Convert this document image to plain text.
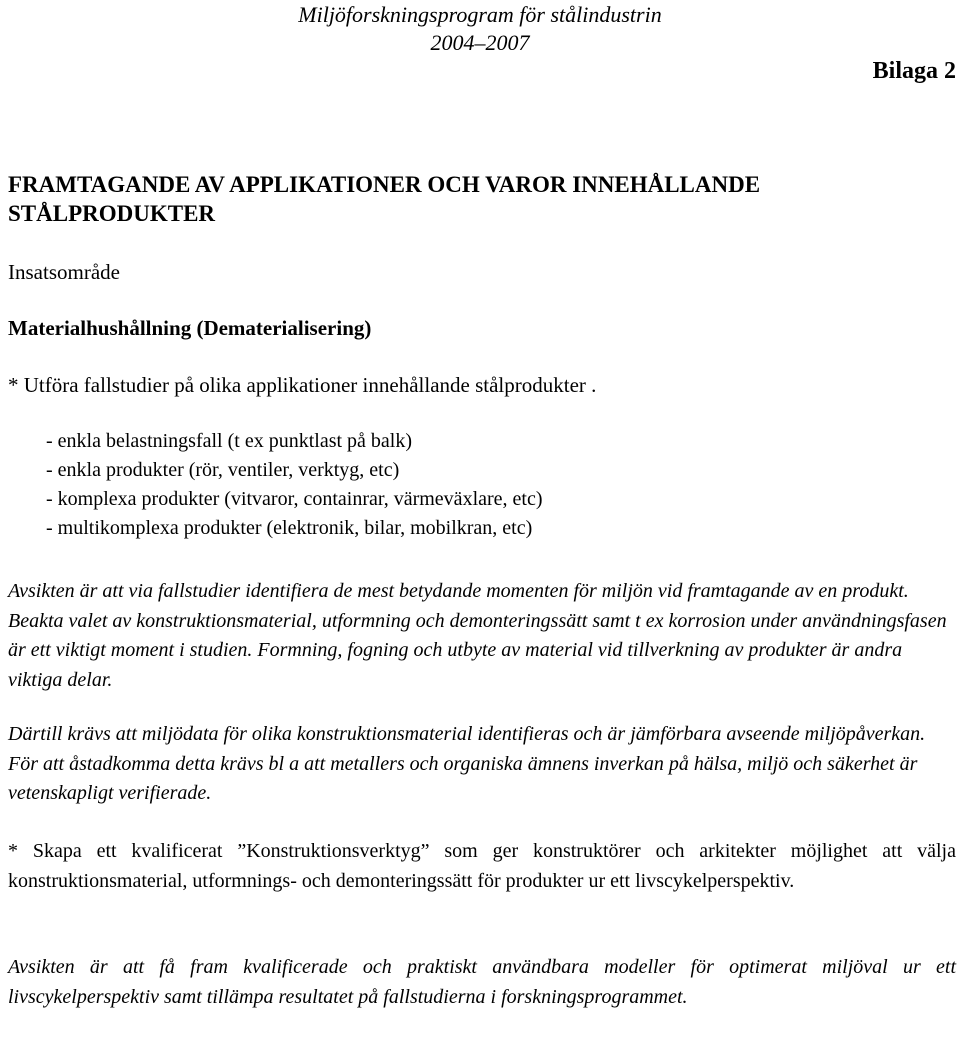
Miljöforskningsprogram för stålindustrin

2004–2007

Bilaga 2

FRAMTAGANDE AV APPLIKATIONER OCH VAROR INNEHÅLLANDE

STÅLPRODUKTER

Insatsområde

Materialhushållning (Dematerialisering)

* Utföra fallstudier på olika applikationer innehållande stålprodukter .

- enkla belastningsfall (t ex punktlast på balk)

- enkla produkter (rör, ventiler, verktyg, etc)

- komplexa produkter (vitvaror, containrar, värmeväxlare, etc)

- multikomplexa produkter (elektronik, bilar, mobilkran, etc)

Avsikten är att via fallstudier identifiera de mest betydande momenten för miljön vid framtagande av en produkt. Beakta valet av konstruktionsmaterial, utformning och demonteringssätt samt t ex korrosion under användningsfasen är ett viktigt moment i studien. Formning, fogning och utbyte av material vid tillverkning av produkter är andra viktiga delar.

Därtill krävs att miljödata för olika konstruktionsmaterial identifieras och är jämförbara avseende miljöpåverkan. För att åstadkomma detta krävs bl a att metallers och organiska ämnens inverkan på hälsa, miljö och säkerhet är vetenskapligt verifierade.

* Skapa ett kvalificerat ”Konstruktionsverktyg” som ger konstruktörer och arkitekter möjlighet att välja konstruktionsmaterial, utformnings- och demonteringssätt för produkter ur ett livscykelperspektiv.

Avsikten är att få fram kvalificerade och praktiskt användbara modeller för optimerat miljöval ur ett livscykelperspektiv samt tillämpa resultatet på fallstudierna i forskningsprogrammet.
